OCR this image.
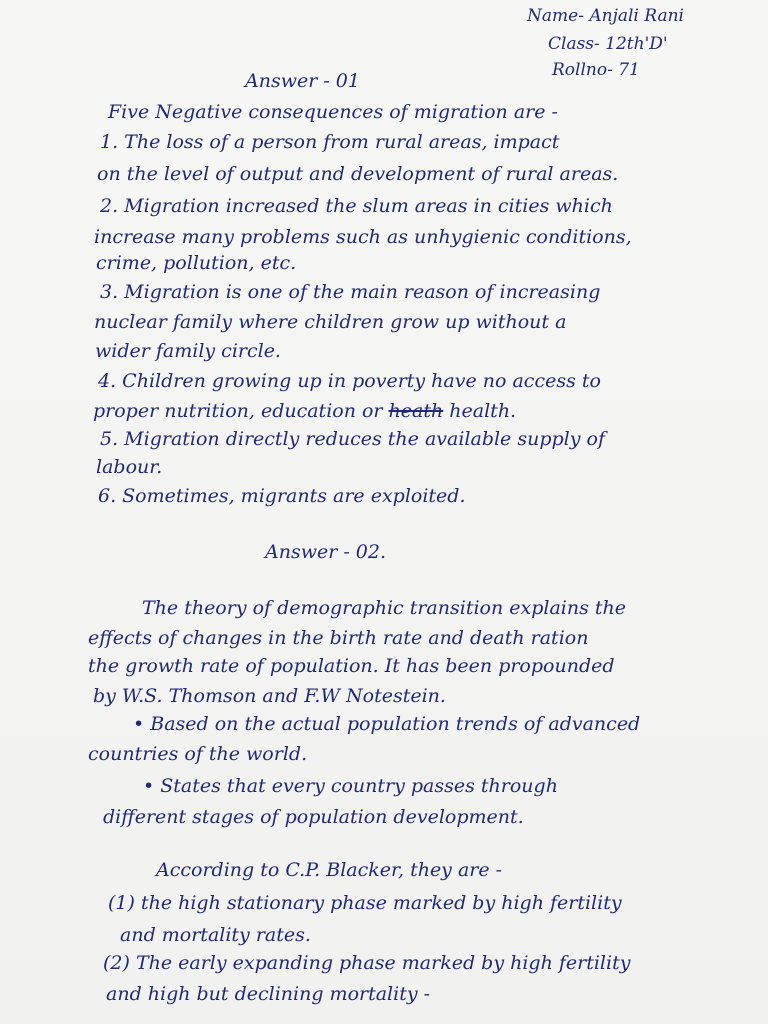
Name- Anjali Rani
Class- 12th'D'
Rollno- 71
Answer - 01
Five Negative consequences of migration are -
1. The loss of a person from rural areas, impact
on the level of output and development of rural areas.
2. Migration increased the slum areas in cities which
increase many problems such as unhygienic conditions,
crime, pollution, etc.
3. Migration is one of the main reason of increasing
nuclear family where children grow up without a
wider family circle.
4. Children growing up in poverty have no access to
proper nutrition, education or heath health.
5. Migration directly reduces the available supply of
labour.
6. Sometimes, migrants are exploited.
Answer - 02.
The theory of demographic transition explains the
effects of changes in the birth rate and death ration
the growth rate of population. It has been propounded
by W.S. Thomson and F.W Notestein.
• Based on the actual population trends of advanced
countries of the world.
• States that every country passes through
different stages of population development.
According to C.P. Blacker, they are -
(1) the high stationary phase marked by high fertility
and mortality rates.
(2) The early expanding phase marked by high fertility
and high but declining mortality -
